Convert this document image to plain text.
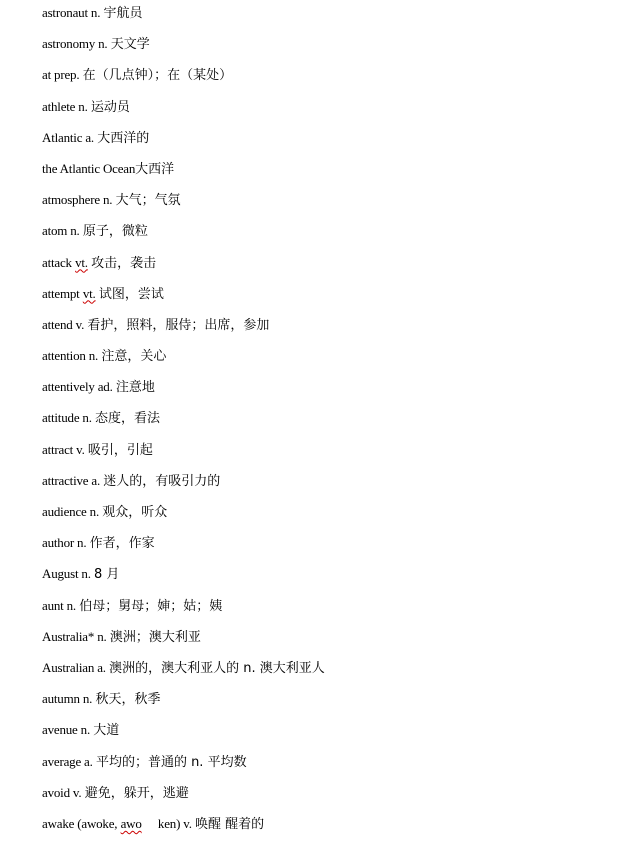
astronaut n. 宇航员
astronomy n. 天文学
at prep. 在（几点钟）；在（某处）
athlete n. 运动员
Atlantic a. 大西洋的
the Atlantic Ocean大西洋
atmosphere n. 大气；气氛
atom n. 原子，微粒
attack vt. 攻击，袭击
attempt vt. 试图，尝试
attend v. 看护，照料，服侍；出席，参加
attention n. 注意，关心
attentively ad. 注意地
attitude n. 态度，看法
attract v. 吸引，引起
attractive a. 迷人的，有吸引力的
audience n. 观众，听众
author n. 作者，作家
August n. 8 月
aunt n. 伯母；舅母；婶；姑；姨
Australia* n. 澳洲；澳大利亚
Australian a. 澳洲的，澳大利亚人的 n. 澳大利亚人
autumn n. 秋天，秋季
avenue n. 大道
average a. 平均的；普通的 n. 平均数
avoid v. 避免，躲开，逃避
awake (awoke, awo ken) v. 唤醒 醒着的
